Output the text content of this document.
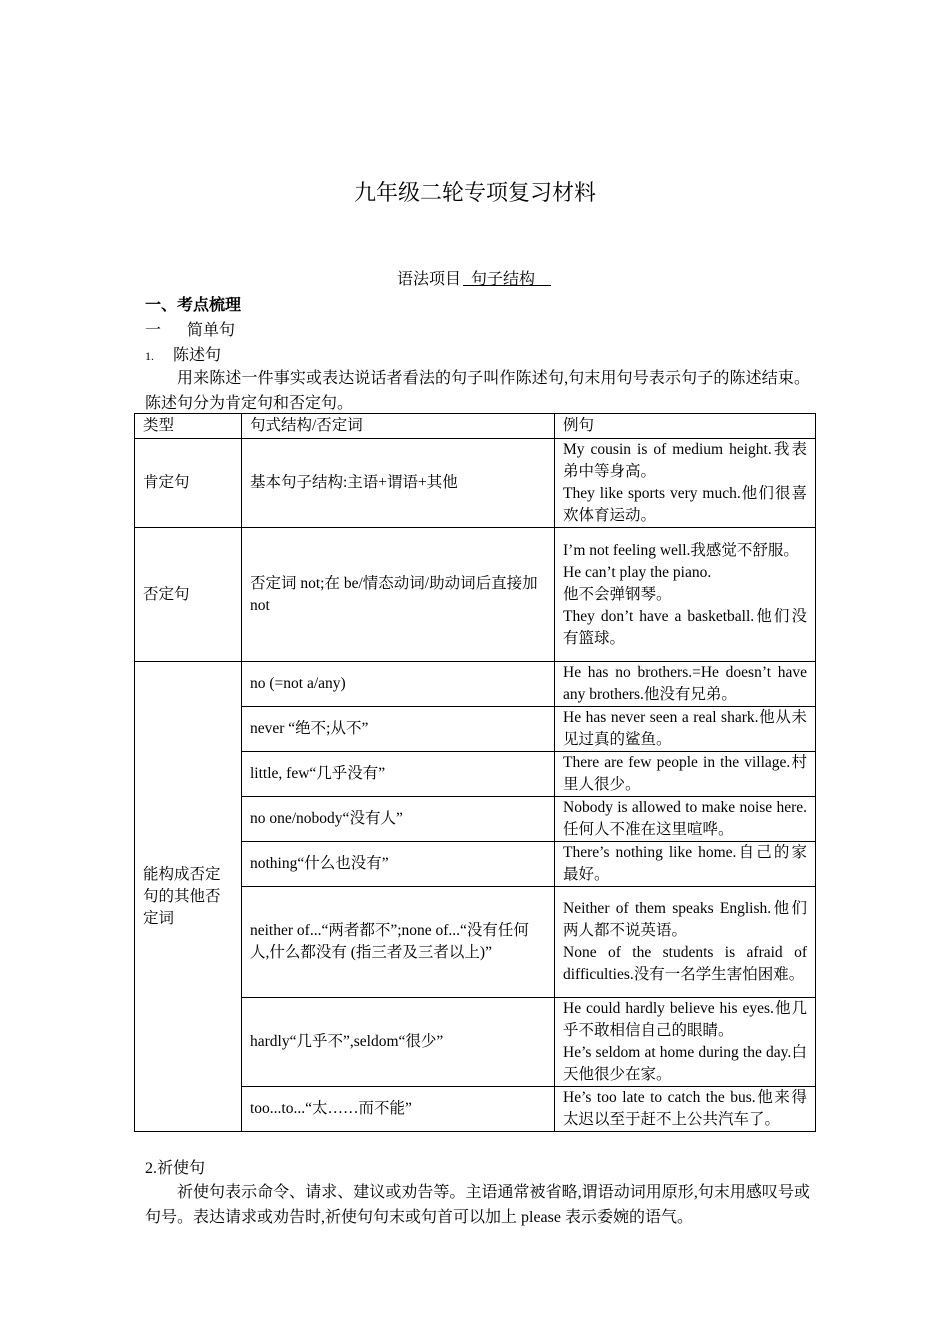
九年级二轮专项复习材料
语法项目 句子结构
一、考点梳理
一 简单句
1. 陈述句
用来陈述一件事实或表达说话者看法的句子叫作陈述句,句末用句号表示句子的陈述结束。陈述句分为肯定句和否定句。
类型	句式结构/否定词	例句
肯定句	基本句子结构:主语+谓语+其他	My cousin is of medium height.我表弟中等身高。
They like sports very much.他们很喜欢体育运动。

否定句	否定词 not;在 be/情态动词/助动词后直接加 not	I’m not feeling well.我感觉不舒服。
He can’t play the piano.
他不会弹钢琴。
They don’t have a basketball.他们没有篮球。

能构成否定句的其他否定词	no (=not a/any)	He has no brothers.=He doesn’t have any brothers.他没有兄弟。

	never “绝不;从不”	He has never seen a real shark.他从未见过真的鲨鱼。

	little, few“几乎没有”	There are few people in the village.村里人很少。

	no one/nobody“没有人”	Nobody is allowed to make noise here.任何人不准在这里喧哗。

	nothing“什么也没有”	There’s nothing like home.自己的家最好。

	neither of...“两者都不”;none of...“没有任何人,什么都没有 (指三者及三者以上)”	Neither of them speaks English.他们两人都不说英语。
None of the students is afraid of difficulties.没有一名学生害怕困难。

	hardly“几乎不”,seldom“很少”	He could hardly believe his eyes.他几乎不敢相信自己的眼睛。
He’s seldom at home during the day.白天他很少在家。

	too...to...“太……而不能”	He’s too late to catch the bus.他来得太迟以至于赶不上公共汽车了。
2.祈使句
祈使句表示命令、请求、建议或劝告等。主语通常被省略,谓语动词用原形,句末用感叹号或句号。表达请求或劝告时,祈使句句末或句首可以加上 please 表示委婉的语气。
